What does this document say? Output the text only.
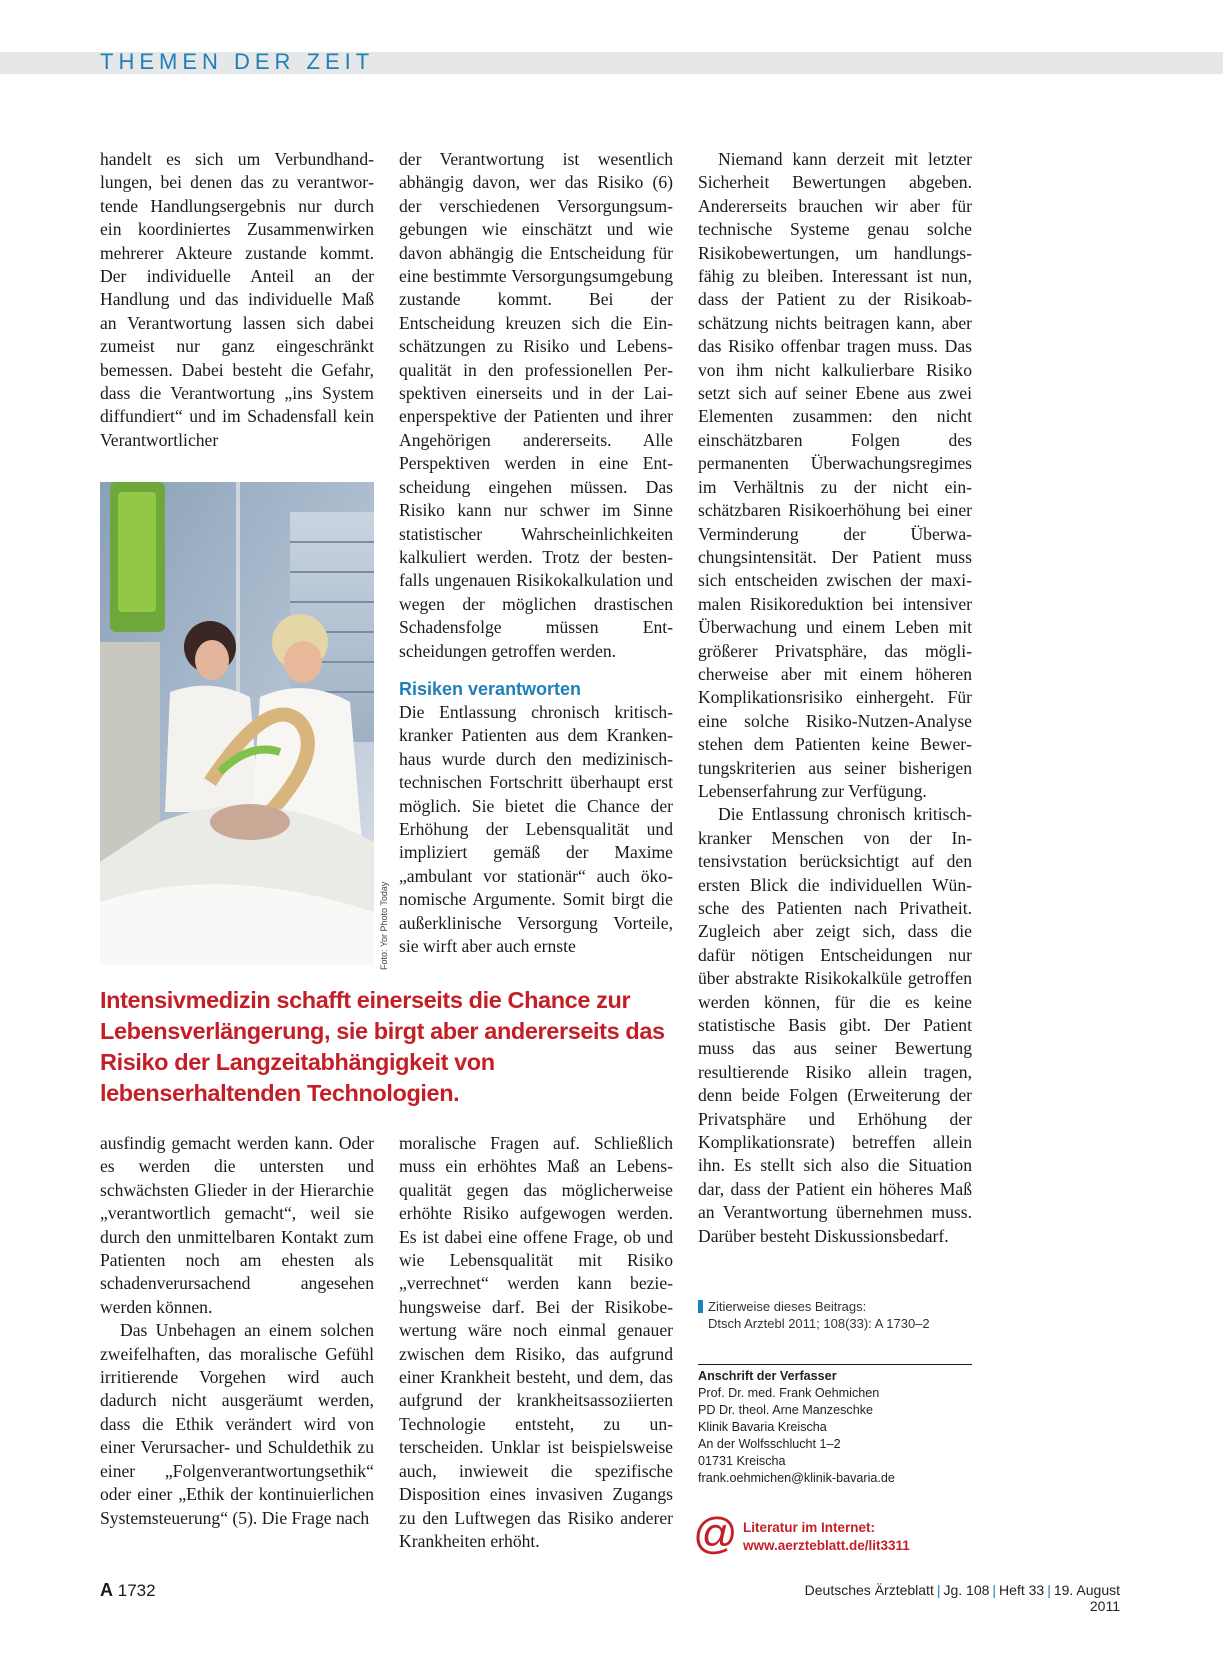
THEMEN DER ZEIT

handelt es sich um Verbundhandlungen, bei denen das zu verantwortende Handlungsergebnis nur durch ein koordiniertes Zusammenwirken mehrerer Akteure zustande kommt. Der individuelle Anteil an der Handlung und das individuelle Maß an Verantwortung lassen sich dabei zumeist nur ganz eingeschränkt bemessen. Dabei besteht die Gefahr, dass die Verantwortung „ins System diffundiert“ und im Schadensfall kein Verantwortlicher

Foto: Yor Photo Today

der Verantwortung ist wesentlich abhängig davon, wer das Risiko (6) der verschiedenen Versorgungsumgebungen wie einschätzt und wie davon abhängig die Entscheidung für eine bestimmte Versorgungsumgebung zustande kommt. Bei der Entscheidung kreuzen sich die Einschätzungen zu Risiko und Lebensqualität in den professionellen Perspektiven einerseits und in der Laienperspektive der Patienten und ihrer Angehörigen andererseits. Alle Perspektiven werden in eine Entscheidung eingehen müssen. Das Risiko kann nur schwer im Sinne statistischer Wahrscheinlichkeiten kalkuliert werden. Trotz der bestenfalls ungenauen Risikokalkulation und wegen der möglichen drastischen Schadensfolge müssen Entscheidungen getroffen werden.

Risiken verantworten

Die Entlassung chronisch kritischkranker Patienten aus dem Krankenhaus wurde durch den medizinisch-technischen Fortschritt überhaupt erst möglich. Sie bietet die Chance der Erhöhung der Lebensqualität und impliziert gemäß der Maxime „ambulant vor stationär“ auch ökonomische Argumente. Somit birgt die außerklinische Versorgung Vorteile, sie wirft aber auch ernste

Intensivmedizin schafft einerseits die Chance zur Lebensverlängerung, sie birgt aber andererseits das Risiko der Langzeitabhängigkeit von lebenserhaltenden Technologien.

ausfindig gemacht werden kann. Oder es werden die untersten und schwächsten Glieder in der Hierarchie „verantwortlich gemacht“, weil sie durch den unmittelbaren Kontakt zum Patienten noch am ehesten als schadenverursachend angesehen werden können.

Das Unbehagen an einem solchen zweifelhaften, das moralische Gefühl irritierende Vorgehen wird auch dadurch nicht ausgeräumt werden, dass die Ethik verändert wird von einer Verursacher- und Schuldethik zu einer „Folgenverantwortungsethik“ oder einer „Ethik der kontinuierlichen Systemsteuerung“ (5). Die Frage nach

moralische Fragen auf. Schließlich muss ein erhöhtes Maß an Lebensqualität gegen das möglicherweise erhöhte Risiko aufgewogen werden. Es ist dabei eine offene Frage, ob und wie Lebensqualität mit Risiko „verrechnet“ werden kann beziehungsweise darf. Bei der Risikobewertung wäre noch einmal genauer zwischen dem Risiko, das aufgrund einer Krankheit besteht, und dem, das aufgrund der krankheitsassoziierten Technologie entsteht, zu unterscheiden. Unklar ist beispielsweise auch, inwieweit die spezifische Disposition eines invasiven Zugangs zu den Luftwegen das Risiko anderer Krankheiten erhöht.

Niemand kann derzeit mit letzter Sicherheit Bewertungen abgeben. Andererseits brauchen wir aber für technische Systeme genau solche Risikobewertungen, um handlungsfähig zu bleiben. Interessant ist nun, dass der Patient zu der Risikoabschätzung nichts beitragen kann, aber das Risiko offenbar tragen muss. Das von ihm nicht kalkulierbare Risiko setzt sich auf seiner Ebene aus zwei Elementen zusammen: den nicht einschätzbaren Folgen des permanenten Überwachungsregimes im Verhältnis zu der nicht einschätzbaren Risikoerhöhung bei einer Verminderung der Überwachungsintensität. Der Patient muss sich entscheiden zwischen der maximalen Risikoreduktion bei intensiver Überwachung und einem Leben mit größerer Privatsphäre, das möglicherweise aber mit einem höheren Komplikationsrisiko einhergeht. Für eine solche Risiko-Nutzen-Analyse stehen dem Patienten keine Bewertungskriterien aus seiner bisherigen Lebenserfahrung zur Verfügung.

Die Entlassung chronisch kritisch-kranker Menschen von der Intensivstation berücksichtigt auf den ersten Blick die individuellen Wünsche des Patienten nach Privatheit. Zugleich aber zeigt sich, dass die dafür nötigen Entscheidungen nur über abstrakte Risikokalküle getroffen werden können, für die es keine statistische Basis gibt. Der Patient muss das aus seiner Bewertung resultierende Risiko allein tragen, denn beide Folgen (Erweiterung der Privatsphäre und Erhöhung der Komplikationsrate) betreffen allein ihn. Es stellt sich also die Situation dar, dass der Patient ein höheres Maß an Verantwortung übernehmen muss. Darüber besteht Diskussionsbedarf.

Zitierweise dieses Beitrags:
Dtsch Arztebl 2011; 108(33): A 1730–2
Anschrift der Verfasser
Prof. Dr. med. Frank Oehmichen
PD Dr. theol. Arne Manzeschke
Klinik Bavaria Kreischa
An der Wolfsschlucht 1–2
01731 Kreischa
frank.oehmichen@klinik-bavaria.de
@ Literatur im Internet:
www.aerzteblatt.de/lit3311
A 1732	Deutsches Ärzteblatt | Jg. 108 | Heft 33 | 19. August 2011
